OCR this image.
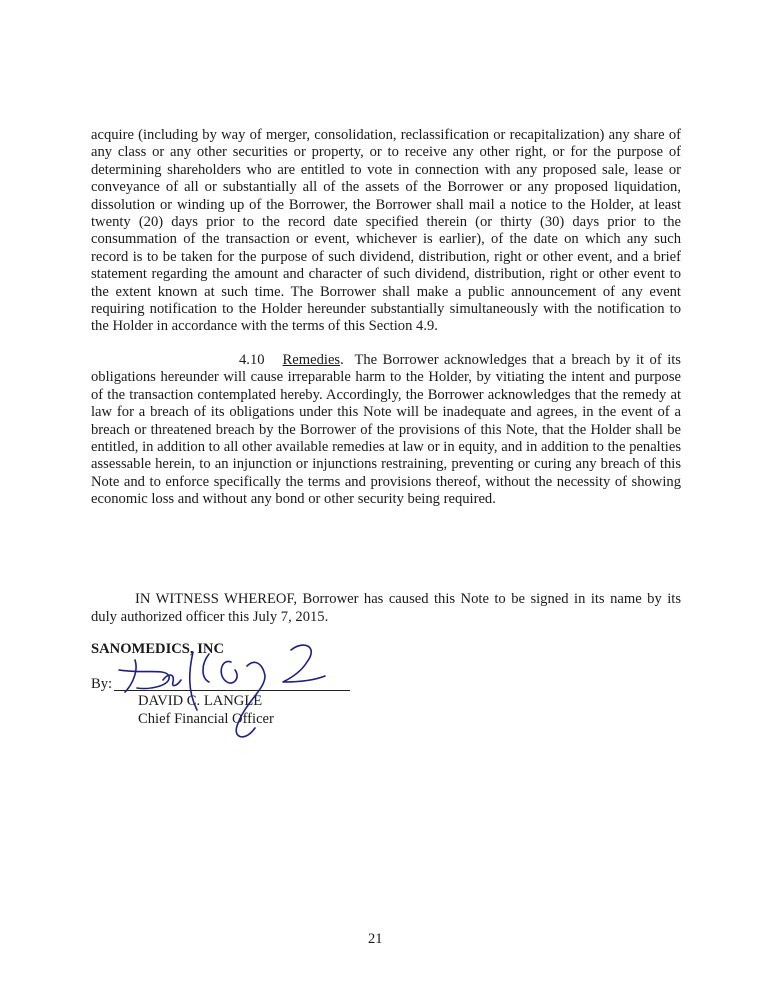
acquire (including by way of merger, consolidation, reclassification or recapitalization) any share of any class or any other securities or property, or to receive any other right, or for the purpose of determining shareholders who are entitled to vote in connection with any proposed sale, lease or conveyance of all or substantially all of the assets of the Borrower or any proposed liquidation, dissolution or winding up of the Borrower, the Borrower shall mail a notice to the Holder, at least twenty (20) days prior to the record date specified therein (or thirty (30) days prior to the consummation of the transaction or event, whichever is earlier), of the date on which any such record is to be taken for the purpose of such dividend, distribution, right or other event, and a brief statement regarding the amount and character of such dividend, distribution, right or other event to the extent known at such time. The Borrower shall make a public announcement of any event requiring notification to the Holder hereunder substantially simultaneously with the notification to the Holder in accordance with the terms of this Section 4.9.

4.10 Remedies. The Borrower acknowledges that a breach by it of its obligations hereunder will cause irreparable harm to the Holder, by vitiating the intent and purpose of the transaction contemplated hereby. Accordingly, the Borrower acknowledges that the remedy at law for a breach of its obligations under this Note will be inadequate and agrees, in the event of a breach or threatened breach by the Borrower of the provisions of this Note, that the Holder shall be entitled, in addition to all other available remedies at law or in equity, and in addition to the penalties assessable herein, to an injunction or injunctions restraining, preventing or curing any breach of this Note and to enforce specifically the terms and provisions thereof, without the necessity of showing economic loss and without any bond or other security being required.

IN WITNESS WHEREOF, Borrower has caused this Note to be signed in its name by its duly authorized officer this July 7, 2015.

SANOMEDICS, INC
By:
DAVID C. LANGLE
Chief Financial Officer
21
